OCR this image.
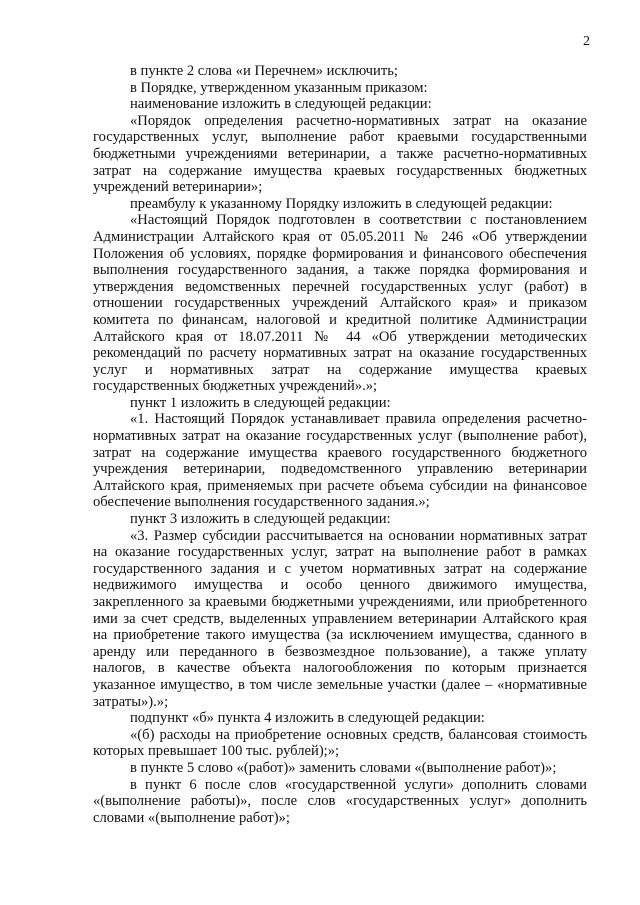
2

в пункте 2 слова «и Перечнем» исключить;

в Порядке, утвержденном указанным приказом:

наименование изложить в следующей редакции:

«Порядок определения расчетно-нормативных затрат на оказание государственных услуг, выполнение работ краевыми государственными бюджетными учреждениями ветеринарии, а также расчетно-нормативных затрат на содержание имущества краевых государственных бюджетных учреждений ветеринарии»;

преамбулу к указанному Порядку изложить в следующей редакции:

«Настоящий Порядок подготовлен в соответствии с постановлением Администрации Алтайского края от 05.05.2011 № 246 «Об утверждении Положения об условиях, порядке формирования и финансового обеспечения выполнения государственного задания, а также порядка формирования и утверждения ведомственных перечней государственных услуг (работ) в отношении государственных учреждений Алтайского края» и приказом комитета по финансам, налоговой и кредитной политике Администрации Алтайского края от 18.07.2011 № 44 «Об утверждении методических рекомендаций по расчету нормативных затрат на оказание государственных услуг и нормативных затрат на содержание имущества краевых государственных бюджетных учреждений».»;

пункт 1 изложить в следующей редакции:

«1. Настоящий Порядок устанавливает правила определения расчетно-нормативных затрат на оказание государственных услуг (выполнение работ), затрат на содержание имущества краевого государственного бюджетного учреждения ветеринарии, подведомственного управлению ветеринарии Алтайского края, применяемых при расчете объема субсидии на финансовое обеспечение выполнения государственного задания.»;

пункт 3 изложить в следующей редакции:

«3. Размер субсидии рассчитывается на основании нормативных затрат на оказание государственных услуг, затрат на выполнение работ в рамках государственного задания и с учетом нормативных затрат на содержание недвижимого имущества и особо ценного движимого имущества, закрепленного за краевыми бюджетными учреждениями, или приобретенного ими за счет средств, выделенных управлением ветеринарии Алтайского края на приобретение такого имущества (за исключением имущества, сданного в аренду или переданного в безвозмездное пользование), а также уплату налогов, в качестве объекта налогообложения по которым признается указанное имущество, в том числе земельные участки (далее – «нормативные затраты»).»;

подпункт «б» пункта 4 изложить в следующей редакции:

«(б) расходы на приобретение основных средств, балансовая стоимость которых превышает 100 тыс. рублей);»;

в пункте 5 слово «(работ)» заменить словами «(выполнение работ)»;

в пункт 6 после слов «государственной услуги» дополнить словами «(выполнение работы)», после слов «государственных услуг» дополнить словами «(выполнение работ)»;
